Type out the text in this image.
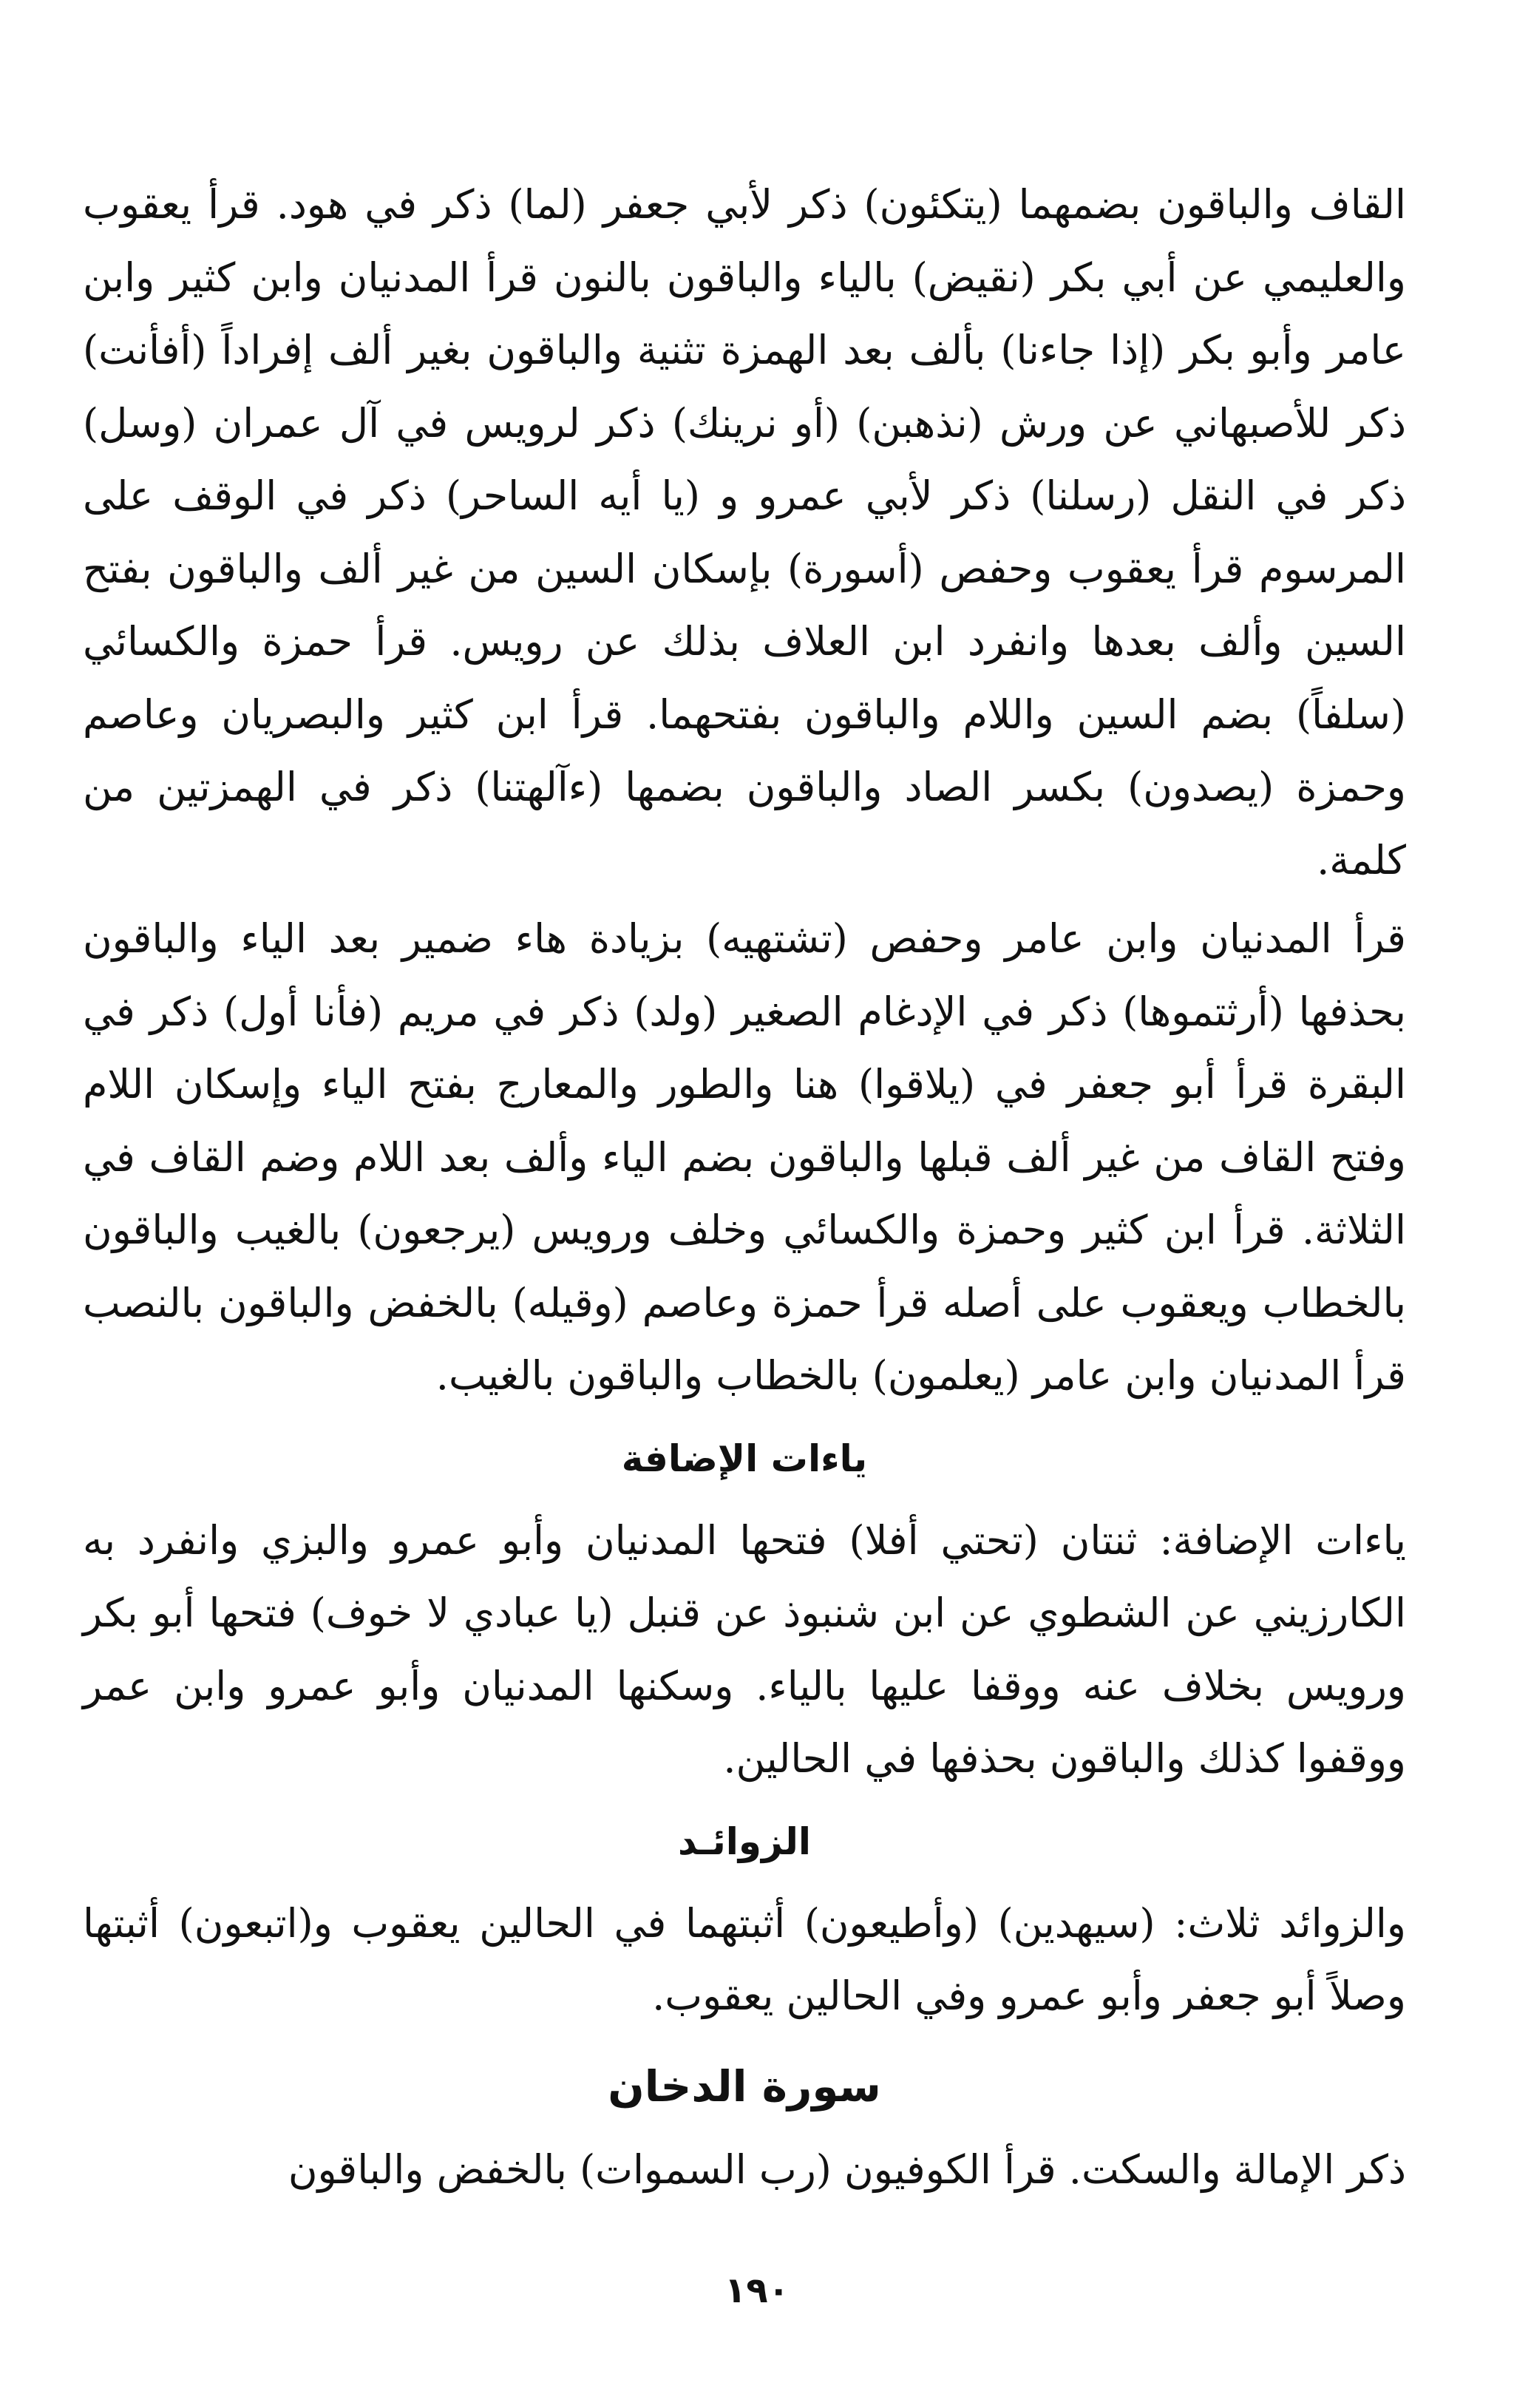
القاف والباقون بضمهما (يتكئون) ذكر لأبي جعفر (لما) ذكر في هود. قرأ يعقوب والعليمي عن أبي بكر (نقيض) بالياء والباقون بالنون قرأ المدنيان وابن كثير وابن عامر وأبو بكر (إذا جاءنا) بألف بعد الهمزة تثنية والباقون بغير ألف إفراداً (أفأنت) ذكر للأصبهاني عن ورش (نذهبن) (أو نرينك) ذكر لرويس في آل عمران (وسل) ذكر في النقل (رسلنا) ذكر لأبي عمرو و (يا أيه الساحر) ذكر في الوقف على المرسوم قرأ يعقوب وحفص (أسورة) بإسكان السين من غير ألف والباقون بفتح السين وألف بعدها وانفرد ابن العلاف بذلك عن رويس. قرأ حمزة والكسائي (سلفاً) بضم السين واللام والباقون بفتحهما. قرأ ابن كثير والبصريان وعاصم وحمزة (يصدون) بكسر الصاد والباقون بضمها (ءآلهتنا) ذكر في الهمزتين من كلمة.

قرأ المدنيان وابن عامر وحفص (تشتهيه) بزيادة هاء ضمير بعد الياء والباقون بحذفها (أرثتموها) ذكر في الإدغام الصغير (ولد) ذكر في مريم (فأنا أول) ذكر في البقرة قرأ أبو جعفر في (يلاقوا) هنا والطور والمعارج بفتح الياء وإسكان اللام وفتح القاف من غير ألف قبلها والباقون بضم الياء وألف بعد اللام وضم القاف في الثلاثة. قرأ ابن كثير وحمزة والكسائي وخلف ورويس (يرجعون) بالغيب والباقون بالخطاب ويعقوب على أصله قرأ حمزة وعاصم (وقيله) بالخفض والباقون بالنصب قرأ المدنيان وابن عامر (يعلمون) بالخطاب والباقون بالغيب.

ياءات الإضافة

ياءات الإضافة: ثنتان (تحتي أفلا) فتحها المدنيان وأبو عمرو والبزي وانفرد به الكارزيني عن الشطوي عن ابن شنبوذ عن قنبل (يا عبادي لا خوف) فتحها أبو بكر ورويس بخلاف عنه ووقفا عليها بالياء. وسكنها المدنيان وأبو عمرو وابن عمر ووقفوا كذلك والباقون بحذفها في الحالين.

الزوائـد

والزوائد ثلاث: (سيهدين) (وأطيعون) أثبتهما في الحالين يعقوب و(اتبعون) أثبتها وصلاً أبو جعفر وأبو عمرو وفي الحالين يعقوب.

سورة الدخان

ذكر الإمالة والسكت. قرأ الكوفيون (رب السموات) بالخفض والباقون

١٩٠
